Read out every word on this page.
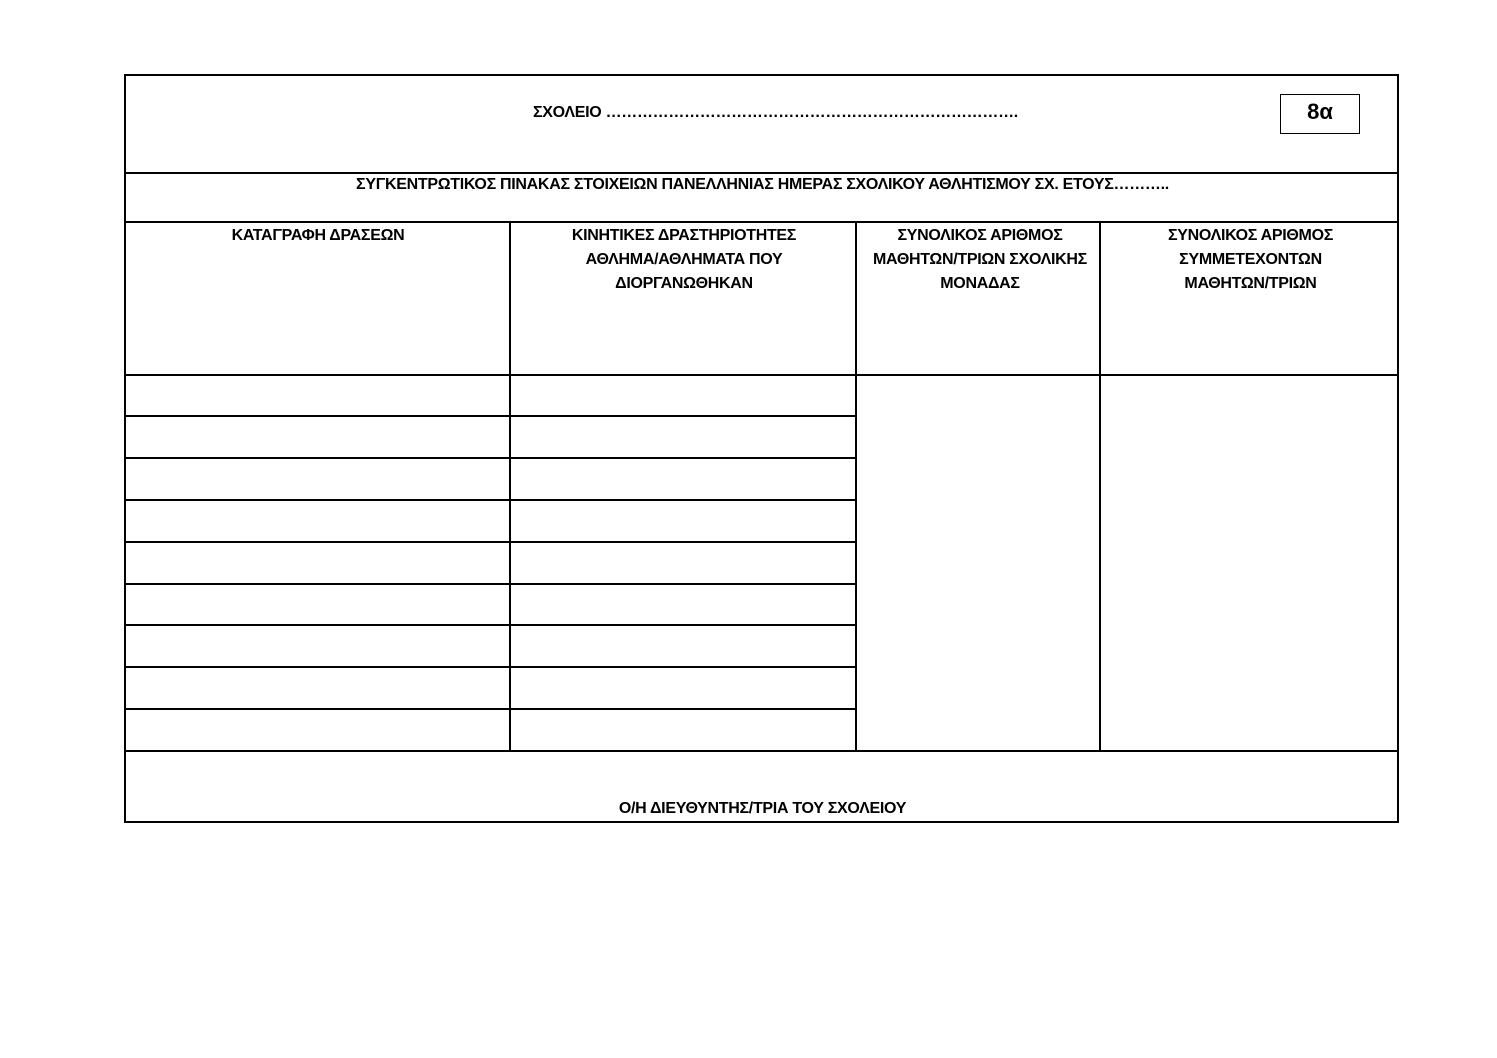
ΣΧΟΛΕΙΟ …………………………………………………………………….	8α
ΣΥΓΚΕΝΤΡΩΤΙΚΟΣ ΠΙΝΑΚΑΣ ΣΤΟΙΧΕΙΩΝ ΠΑΝΕΛΛΗΝΙΑΣ ΗΜΕΡΑΣ ΣΧΟΛΙΚΟΥ ΑΘΛΗΤΙΣΜΟΥ ΣΧ. ΕΤΟΥΣ………..
ΚΑΤΑΓΡΑΦΗ ΔΡΑΣΕΩΝ	ΚΙΝΗΤΙΚΕΣ ΔΡΑΣΤΗΡΙΟΤΗΤΕΣ
ΑΘΛΗΜΑ/ΑΘΛΗΜΑΤΑ ΠΟΥ
ΔΙΟΡΓΑΝΩΘΗΚΑΝ
ΣΥΝΟΛΙΚΟΣ ΑΡΙΘΜΟΣ
ΜΑΘΗΤΩΝ/ΤΡΙΩΝ ΣΧΟΛΙΚΗΣ
ΜΟΝΑΔΑΣ
ΣΥΝΟΛΙΚΟΣ ΑΡΙΘΜΟΣ
ΣΥΜΜΕΤΕΧΟΝΤΩΝ
ΜΑΘΗΤΩΝ/ΤΡΙΩΝ
Ο/Η ΔΙΕΥΘΥΝΤΗΣ/ΤΡΙΑ ΤΟΥ ΣΧΟΛΕΙΟΥ
